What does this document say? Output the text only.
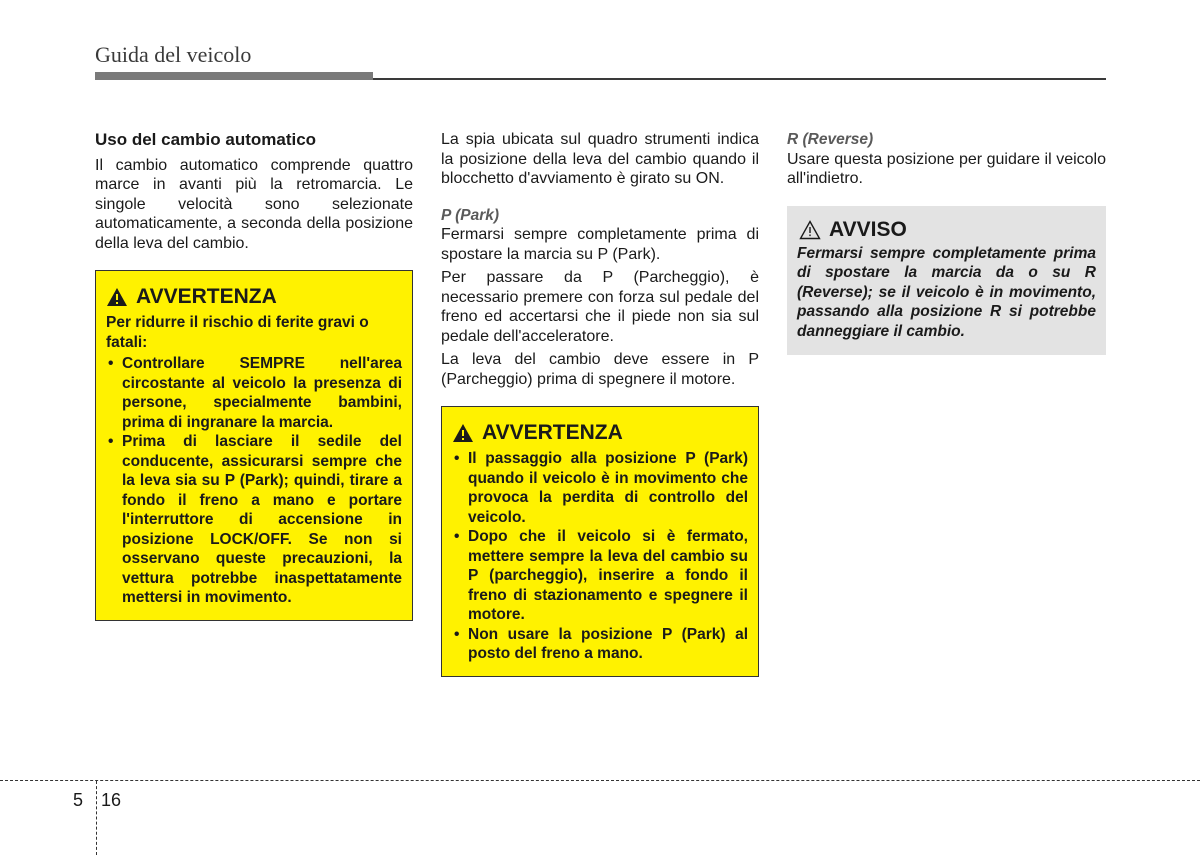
Guida del veicolo

Uso del cambio automatico

Il cambio automatico comprende quattro marce in avanti più la retromarcia. Le singole velocità sono selezionate automaticamente, a seconda della posizione della leva del cambio.

AVVERTENZA

Per ridurre il rischio di ferite gravi o fatali:

• Controllare SEMPRE nell'area circostante al veicolo la presenza di persone, specialmente bambini, prima di ingranare la marcia.
• Prima di lasciare il sedile del conducente, assicurarsi sempre che la leva sia su P (Park); quindi, tirare a fondo il freno a mano e portare l'interruttore di accensione in posizione LOCK/OFF. Se non si osservano queste precauzioni, la vettura potrebbe inaspettatamente mettersi in movimento.

La spia ubicata sul quadro strumenti indica la posizione della leva del cambio quando il blocchetto d'avviamento è girato su ON.

P (Park)

Fermarsi sempre completamente prima di spostare la marcia su P (Park).

Per passare da P (Parcheggio), è necessario premere con forza sul pedale del freno ed accertarsi che il piede non sia sul pedale dell'acceleratore.

La leva del cambio deve essere in P (Parcheggio) prima di spegnere il motore.

AVVERTENZA
• Il passaggio alla posizione P (Park) quando il veicolo è in movimento che provoca la perdita di controllo del veicolo.
• Dopo che il veicolo si è fermato, mettere sempre la leva del cambio su P (parcheggio), inserire a fondo il freno di stazionamento e spegnere il motore.
• Non usare la posizione P (Park) al posto del freno a mano.

R (Reverse)

Usare questa posizione per guidare il veicolo all'indietro.

AVVISO

Fermarsi sempre completamente prima di spostare la marcia da o su R (Reverse); se il veicolo è in movimento, passando alla posizione R si potrebbe danneggiare il cambio.

5 16
